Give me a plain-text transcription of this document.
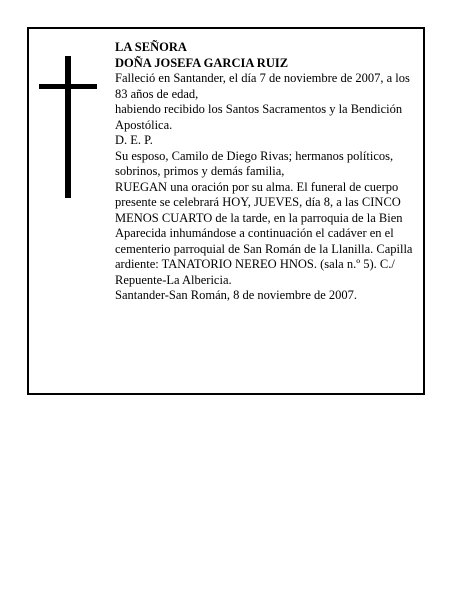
LA SEÑORA

DOÑA JOSEFA GARCIA RUIZ

Falleció en Santander, el día 7 de noviembre de 2007, a los 83 años de edad,

habiendo recibido los Santos Sacramentos y la Bendición Apostólica.

D. E. P.

Su esposo, Camilo de Diego Rivas; hermanos políticos, sobrinos, primos y demás familia,

RUEGAN una oración por su alma. El funeral de cuerpo presente se celebrará HOY, JUEVES, día 8, a las CINCO MENOS CUARTO de la tarde, en la parroquia de la Bien Aparecida inhumándose a continuación el cadáver en el cementerio parroquial de San Román de la Llanilla. Capilla ardiente: TANATORIO NEREO HNOS. (sala n.º 5). C./ Repuente-La Albericia.

Santander-San Román, 8 de noviembre de 2007.
